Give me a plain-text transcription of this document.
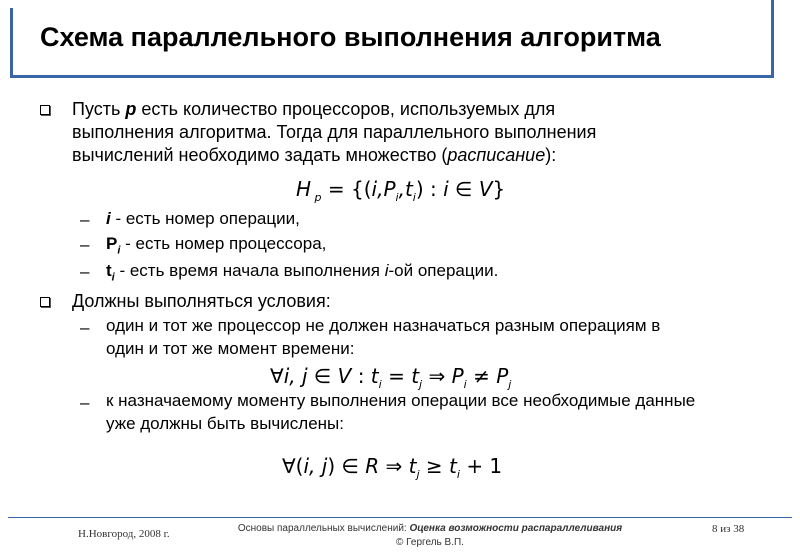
Схема параллельного выполнения алгоритма
Пусть p есть количество процессоров, используемых для
выполнения алгоритма. Тогда для параллельного выполнения
вычислений необходимо задать множество (расписание):
H $_p = \{(i,P_i,t_i)$ : i ∈ V}
– i - есть номер операции,
– $P_i$ - есть номер процессора,
– $t_i$ - есть время начала выполнения i-ой операции.
Должны выполняться условия:
– один и тот же процессор не должен назначаться разным операциям в
один и тот же момент времени:
∀i, j ∈ V : $t_i = t_j$ ⇒ $P_i \ne P_j$
– к назначаемому моменту выполнения операции все необходимые данные
уже должны быть вычислены:
∀(i, j) ∈ R ⇒ $t_j \ge t_i + 1$
Н.Новгород, 2008 г.	Основы параллельных вычислений: Оценка возможности распараллеливания
© Гергель В.П.
8 из 38
